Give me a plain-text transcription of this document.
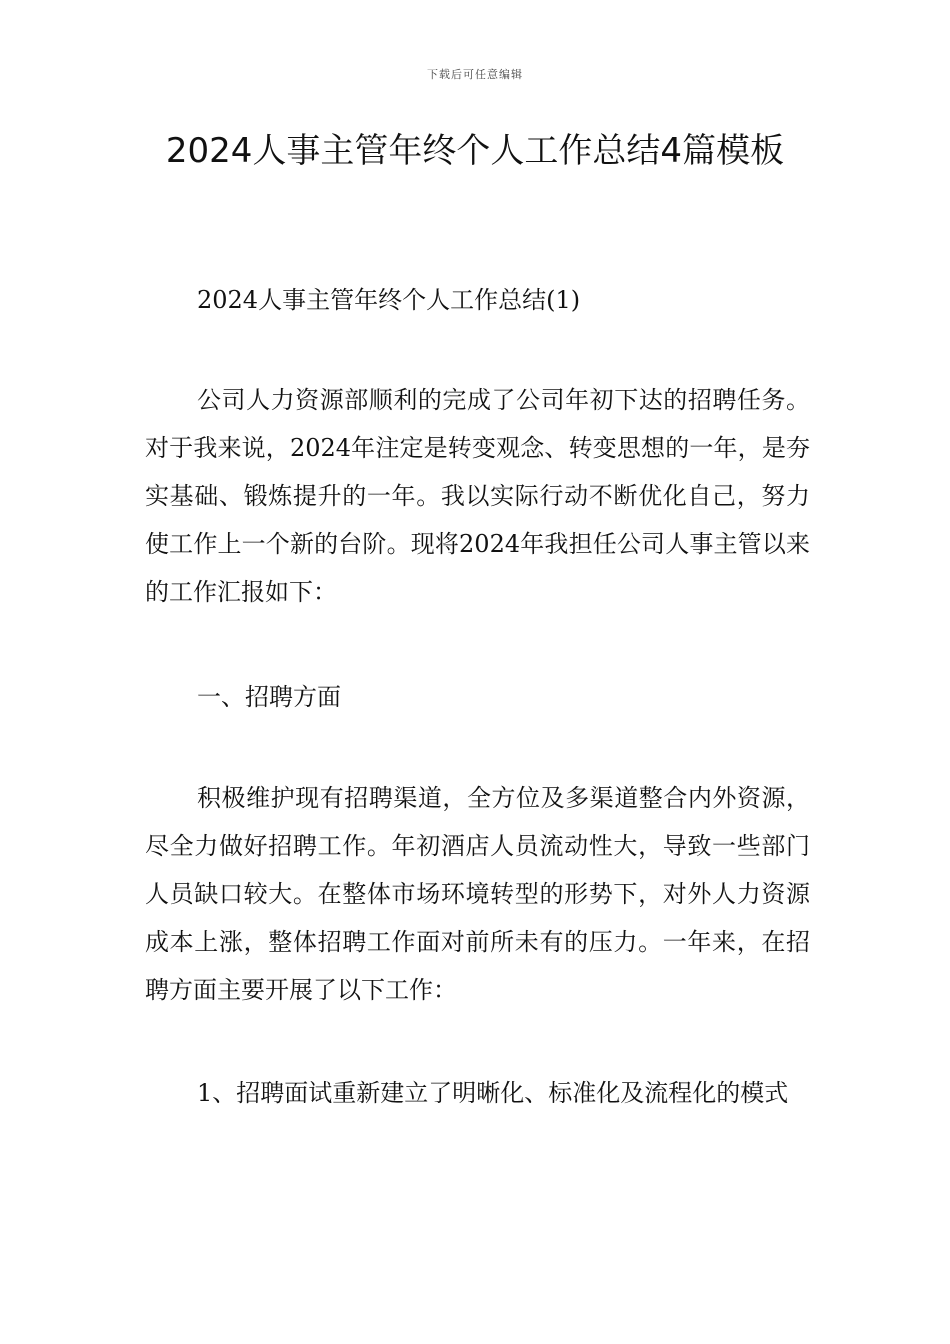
下载后可任意编辑
2024人事主管年终个人工作总结4篇模板

2024人事主管年终个人工作总结(1)

公司人力资源部顺利的完成了公司年初下达的招聘任务。对于我来说，2024年注定是转变观念、转变思想的一年，是夯实基础、锻炼提升的一年。我以实际行动不断优化自己，努力使工作上一个新的台阶。现将2024年我担任公司人事主管以来的工作汇报如下：

一、招聘方面

积极维护现有招聘渠道，全方位及多渠道整合内外资源，尽全力做好招聘工作。年初酒店人员流动性大，导致一些部门人员缺口较大。在整体市场环境转型的形势下，对外人力资源成本上涨，整体招聘工作面对前所未有的压力。一年来，在招聘方面主要开展了以下工作：

1、招聘面试重新建立了明晰化、标准化及流程化的模式
